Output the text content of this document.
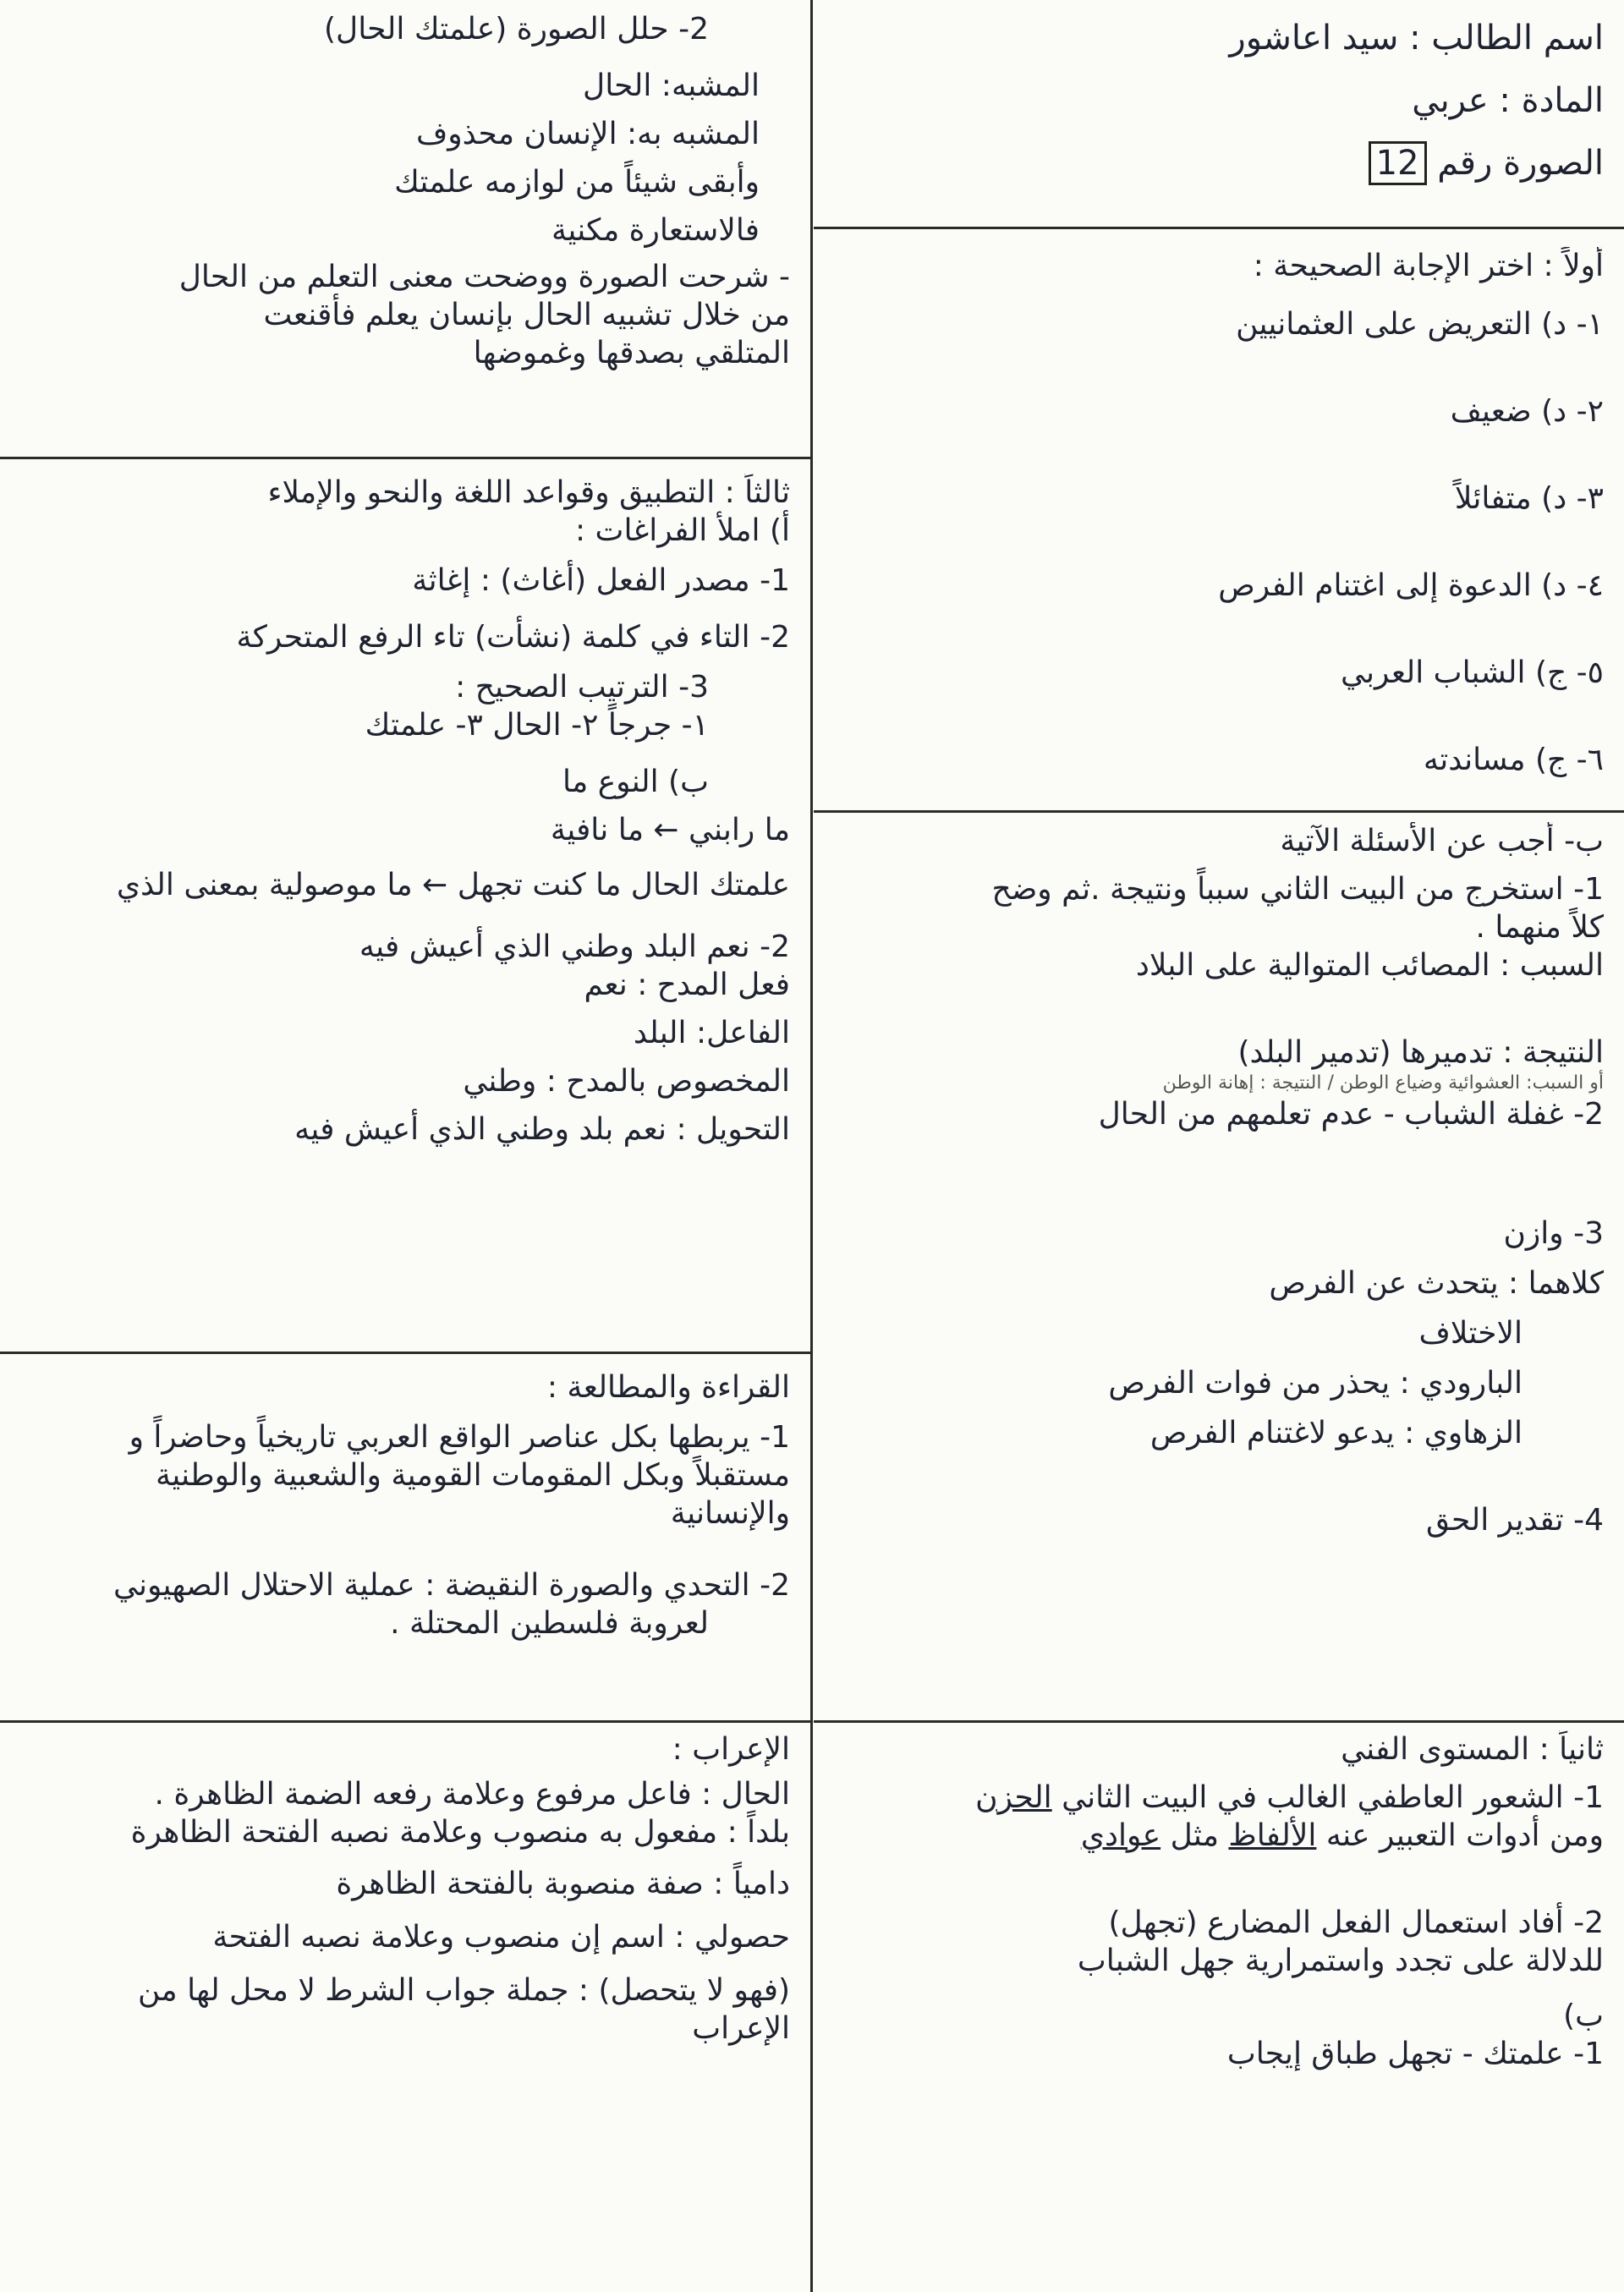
اسم الطالب : سيد اعاشور
المادة : عربي
الصورة رقم 12
أولاً : اختر الإجابة الصحيحة :
١- د) التعريض على العثمانيين
٢- د) ضعيف
٣- د) متفائلاً
٤- د) الدعوة إلى اغتنام الفرص
٥- ج) الشباب العربي
٦- ج) مساندته
ب- أجب عن الأسئلة الآتية
1- استخرج من البيت الثاني سبباً ونتيجة .ثم وضح
كلاً منهما .
السبب : المصائب المتوالية على البلاد
النتيجة : تدميرها (تدمير البلد)
أو السبب: العشوائية وضياع الوطن / النتيجة : إهانة الوطن
2- غفلة الشباب - عدم تعلمهم من الحال
3- وازن
كلاهما : يتحدث عن الفرص
الاختلاف
البارودي : يحذر من فوات الفرص
الزهاوي : يدعو لاغتنام الفرص
4- تقدير الحق
ثانياً : المستوى الفني
1- الشعور العاطفي الغالب في البيت الثاني الحزن
ومن أدوات التعبير عنه الألفاظ مثل عوادي
2- أفاد استعمال الفعل المضارع (تجهل)
للدلالة على تجدد واستمرارية جهل الشباب
ب)
1- علمتك - تجهل طباق إيجاب
2- حلل الصورة (علمتك الحال)
المشبه: الحال
المشبه به: الإنسان محذوف
وأبقى شيئاً من لوازمه علمتك
فالاستعارة مكنية
- شرحت الصورة ووضحت معنى التعلم من الحال
من خلال تشبيه الحال بإنسان يعلم فأقنعت
المتلقي بصدقها وغموضها
ثالثاً : التطبيق وقواعد اللغة والنحو والإملاء
أ) املأ الفراغات :
1- مصدر الفعل (أغاث) : إغاثة
2- التاء في كلمة (نشأت) تاء الرفع المتحركة
3- الترتيب الصحيح :
١- جرجاً ٢- الحال ٣- علمتك
ب) النوع ما
ما رابني ← ما نافية
علمتك الحال ما كنت تجهل ← ما موصولية بمعنى الذي
2- نعم البلد وطني الذي أعيش فيه
فعل المدح : نعم
الفاعل: البلد
المخصوص بالمدح : وطني
التحويل : نعم بلد وطني الذي أعيش فيه
القراءة والمطالعة :
1- يربطها بكل عناصر الواقع العربي تاريخياً وحاضراً و
مستقبلاً وبكل المقومات القومية والشعبية والوطنية
والإنسانية
2- التحدي والصورة النقيضة : عملية الاحتلال الصهيوني
لعروبة فلسطين المحتلة .
الإعراب :
الحال : فاعل مرفوع وعلامة رفعه الضمة الظاهرة .
بلداً : مفعول به منصوب وعلامة نصبه الفتحة الظاهرة
دامياً : صفة منصوبة بالفتحة الظاهرة
حصولي : اسم إن منصوب وعلامة نصبه الفتحة
(فهو لا يتحصل) : جملة جواب الشرط لا محل لها من
الإعراب
